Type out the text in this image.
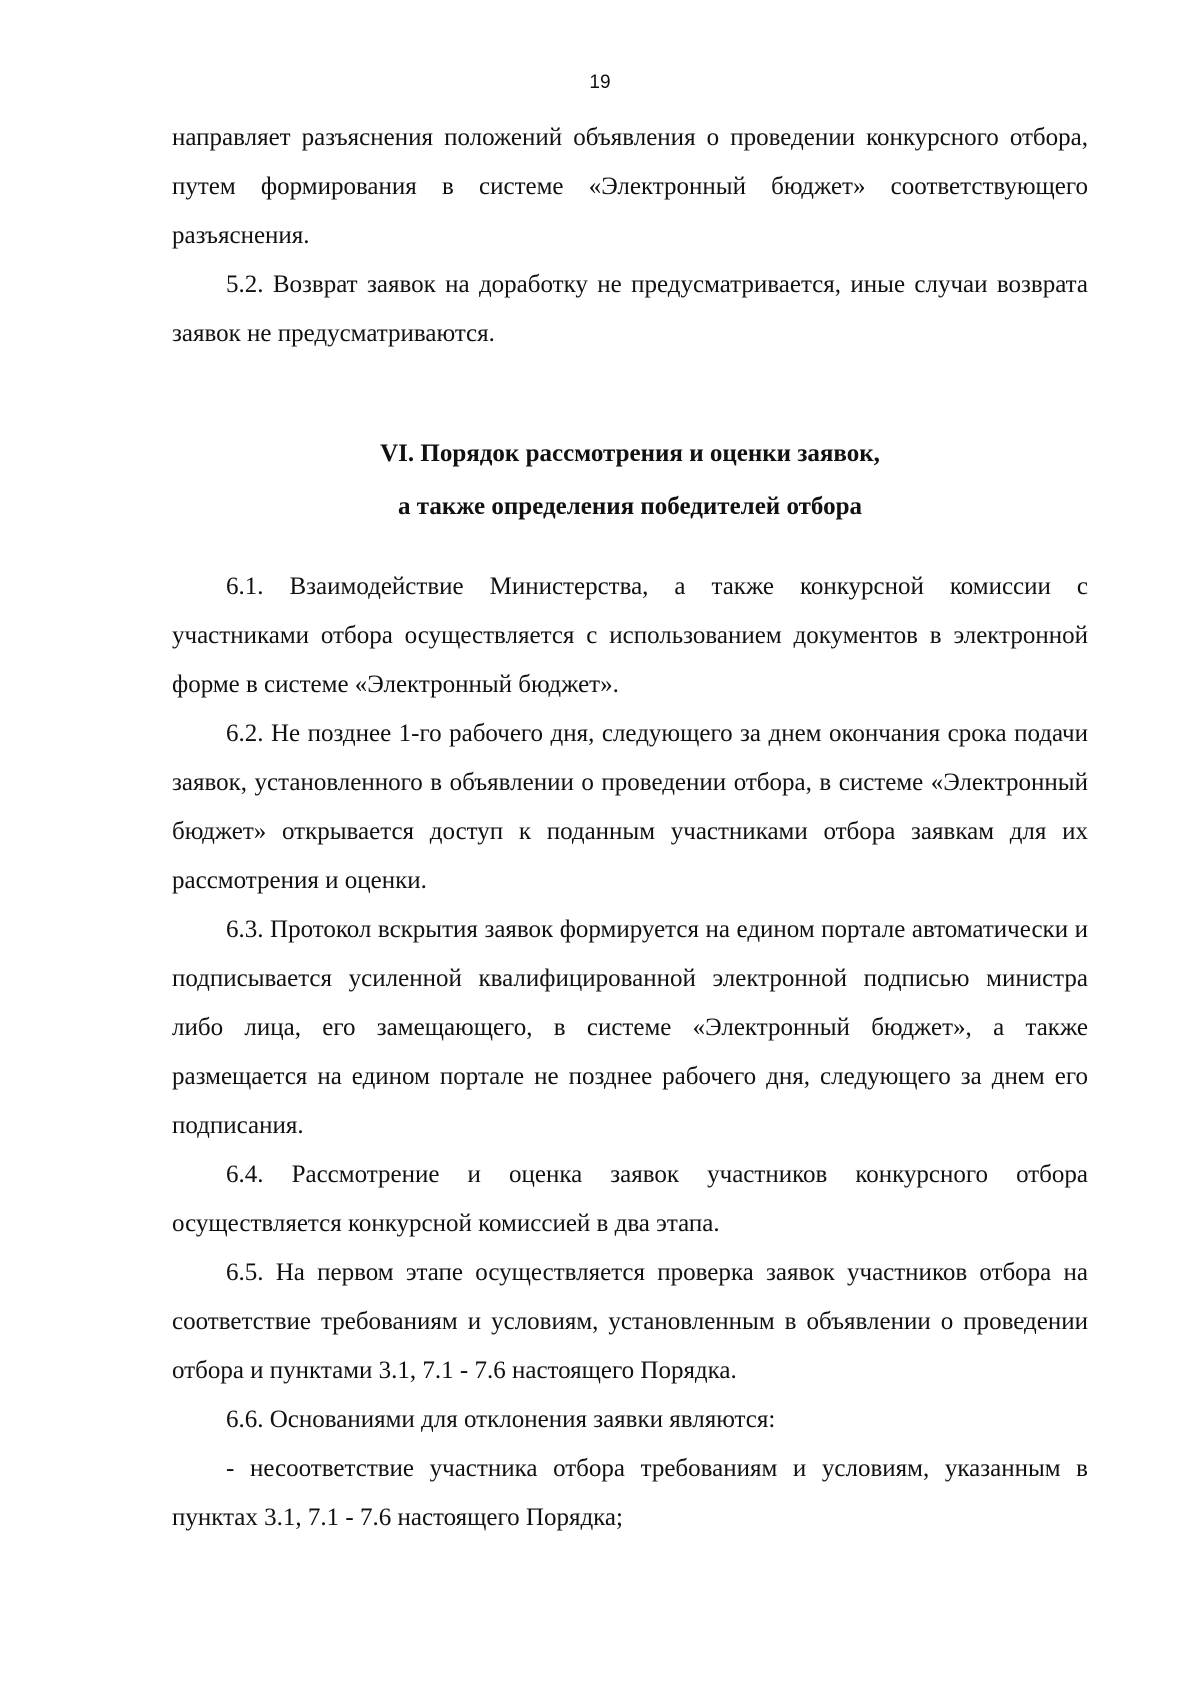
19

направляет разъяснения положений объявления о проведении конкурсного отбора, путем формирования в системе «Электронный бюджет» соответствующего разъяснения.

5.2. Возврат заявок на доработку не предусматривается, иные случаи возврата заявок не предусматриваются.

VI. Порядок рассмотрения и оценки заявок,
а также определения победителей отбора

6.1. Взаимодействие Министерства, а также конкурсной комиссии с участниками отбора осуществляется с использованием документов в электронной форме в системе «Электронный бюджет».

6.2. Не позднее 1-го рабочего дня, следующего за днем окончания срока подачи заявок, установленного в объявлении о проведении отбора, в системе «Электронный бюджет» открывается доступ к поданным участниками отбора заявкам для их рассмотрения и оценки.

6.3. Протокол вскрытия заявок формируется на едином портале автоматически и подписывается усиленной квалифицированной электронной подписью министра либо лица, его замещающего, в системе «Электронный бюджет», а также размещается на едином портале не позднее рабочего дня, следующего за днем его подписания.

6.4. Рассмотрение и оценка заявок участников конкурсного отбора осуществляется конкурсной комиссией в два этапа.

6.5. На первом этапе осуществляется проверка заявок участников отбора на соответствие требованиям и условиям, установленным в объявлении о проведении отбора и пунктами 3.1, 7.1 - 7.6 настоящего Порядка.

6.6. Основаниями для отклонения заявки являются:

- несоответствие участника отбора требованиям и условиям, указанным в пунктах 3.1, 7.1 - 7.6 настоящего Порядка;
